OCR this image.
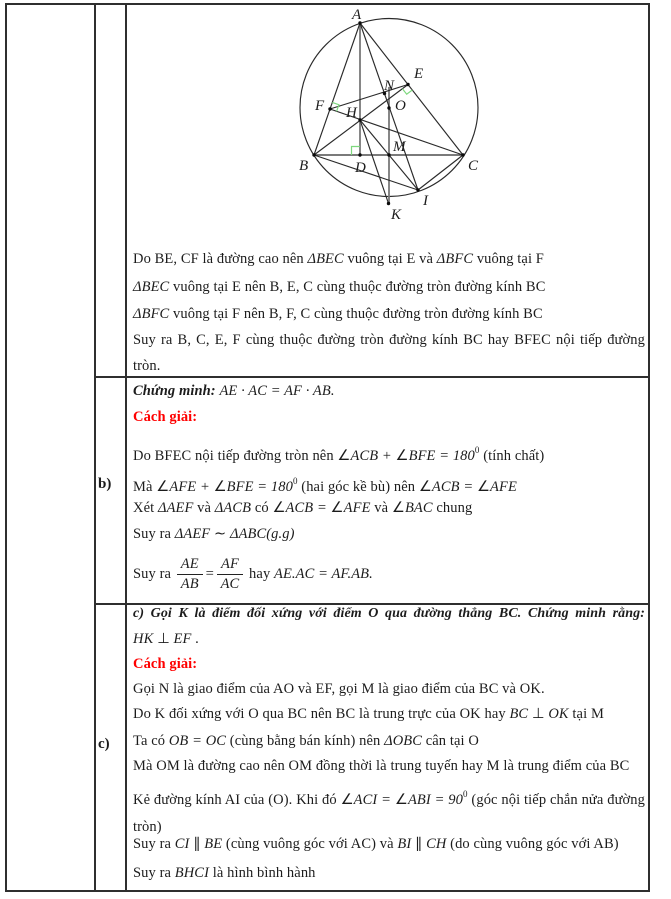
A
B	C
D
E
F H
N
O
M
I
K
Do BE, CF là đường cao nên ΔBEC vuông tại E và ΔBFC vuông tại F
ΔBEC vuông tại E nên B, E, C cùng thuộc đường tròn đường kính BC
ΔBFC vuông tại F nên B, F, C cùng thuộc đường tròn đường kính BC
Suy ra B, C, E, F cùng thuộc đường tròn đường kính BC hay BFEC nội tiếp đường tròn.
b)
Chứng minh: AE · AC = AF · AB.
Cách giải:
Do BFEC nội tiếp đường tròn nên ∠ACB + ∠BFE = $180^0$ (tính chất)
Mà ∠AFE + ∠BFE = $180^0$ (hai góc kề bù) nên ∠ACB = ∠AFE
Xét ΔAEF và ΔACB có ∠ACB = ∠AFE và ∠BAC chung
Suy ra ΔAEF ∼ ΔABC(g.g)
Suy ra $\frac{AE}{AB} = \frac{AF}{AC}$ hay AE.AC = AF.AB.
c)
c) Gọi K là điểm đối xứng với điểm O qua đường thẳng BC. Chứng minh rằng:
HK ⊥ EF .
Cách giải:
Gọi N là giao điểm của AO và EF, gọi M là giao điểm của BC và OK.
Do K đối xứng với O qua BC nên BC là trung trực của OK hay BC ⊥ OK tại M
Ta có OB = OC (cùng bằng bán kính) nên ΔOBC cân tại O
Mà OM là đường cao nên OM đồng thời là trung tuyến hay M là trung điểm của BC
Kẻ đường kính AI của (O). Khi đó ∠ACI = ∠ABI = $90^0$ (góc nội tiếp chắn nửa đường tròn)
Suy ra CI ∥ BE (cùng vuông góc với AC) và BI ∥ CH (do cùng vuông góc với AB)
Suy ra BHCI là hình bình hành
